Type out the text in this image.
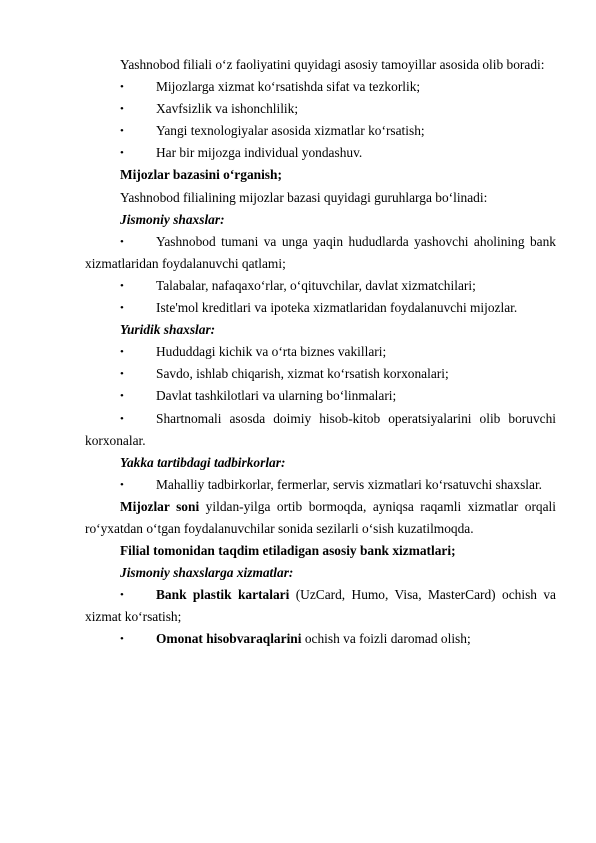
Yashnobod filiali o‘z faoliyatini quyidagi asosiy tamoyillar asosida olib boradi:

•	Mijozlarga xizmat ko‘rsatishda sifat va tezkorlik;

•	Xavfsizlik va ishonchlilik;

•	Yangi texnologiyalar asosida xizmatlar ko‘rsatish;

•	Har bir mijozga individual yondashuv.

Mijozlar bazasini o‘rganish;

Yashnobod filialining mijozlar bazasi quyidagi guruhlarga bo‘linadi:

Jismoniy shaxslar:

•	Yashnobod tumani va unga yaqin hududlarda yashovchi aholining bank xizmatlaridan foydalanuvchi qatlami;

•	Talabalar, nafaqaxo‘rlar, o‘qituvchilar, davlat xizmatchilari;

•	Iste'mol kreditlari va ipoteka xizmatlaridan foydalanuvchi mijozlar.

Yuridik shaxslar:

•	Hududdagi kichik va o‘rta biznes vakillari;

•	Savdo, ishlab chiqarish, xizmat ko‘rsatish korxonalari;

•	Davlat tashkilotlari va ularning bo‘linmalari;

•	Shartnomali asosda doimiy hisob-kitob operatsiyalarini olib boruvchi korxonalar.

Yakka tartibdagi tadbirkorlar:

•	Mahalliy tadbirkorlar, fermerlar, servis xizmatlari ko‘rsatuvchi shaxslar.

Mijozlar soni yildan-yilga ortib bormoqda, ayniqsa raqamli xizmatlar orqali ro‘yxatdan o‘tgan foydalanuvchilar sonida sezilarli o‘sish kuzatilmoqda.

Filial tomonidan taqdim etiladigan asosiy bank xizmatlari;

Jismoniy shaxslarga xizmatlar:

•	Bank plastik kartalari (UzCard, Humo, Visa, MasterCard) ochish va xizmat ko‘rsatish;

•	Omonat hisobvaraqlarini ochish va foizli daromad olish;
